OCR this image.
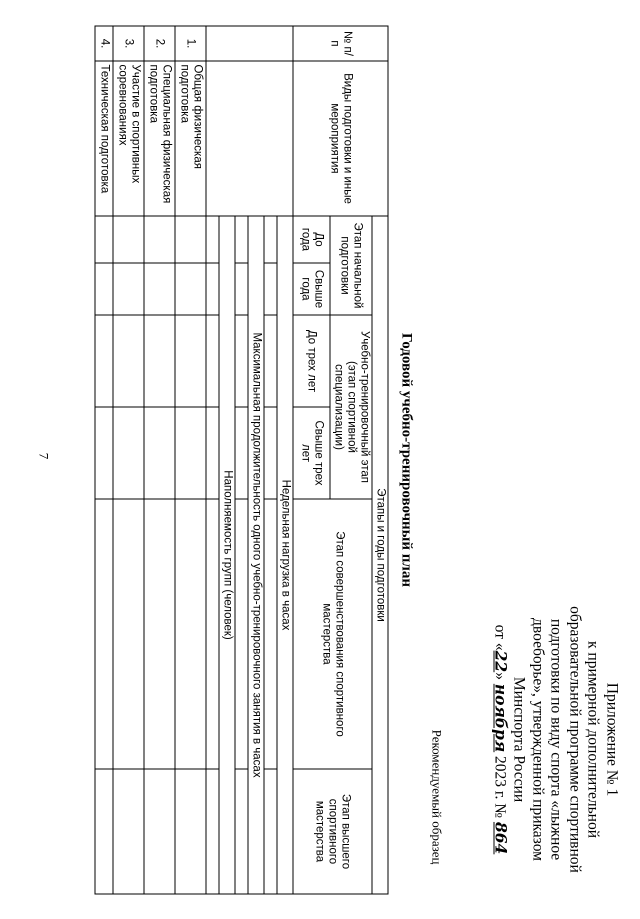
7
Приложение № 1
к примерной дополнительной
образовательной программе спортивной
подготовки по виду спорта «лыжное
двоеборье», утвержденной приказом
Минспорта России
от «22» ноября 2023 г. № 864
Рекомендуемый образец
Годовой учебно-тренировочный план
№ п/п	Виды подготовки и иные мероприятия	Этапы и годы подготовки					
		Этап начальной подготовки		Учебно-тренировочный этап (этап спортивной специализации)		Этап совершенствования спортивного мастерства	Этап высшего спортивного мастерства
		До года	Свыше года	До трех лет	Свыше трех лет		
		Недельная нагрузка в часах					

		Максимальная продолжительность одного учебно-тренировочного занятия в часах					

		Наполняемость групп (человек)					

1.	Общая физическая подготовка						
2.	Специальная физическая подготовка						
3.	Участие в спортивных соревнованиях						
4.	Техническая подготовка						
